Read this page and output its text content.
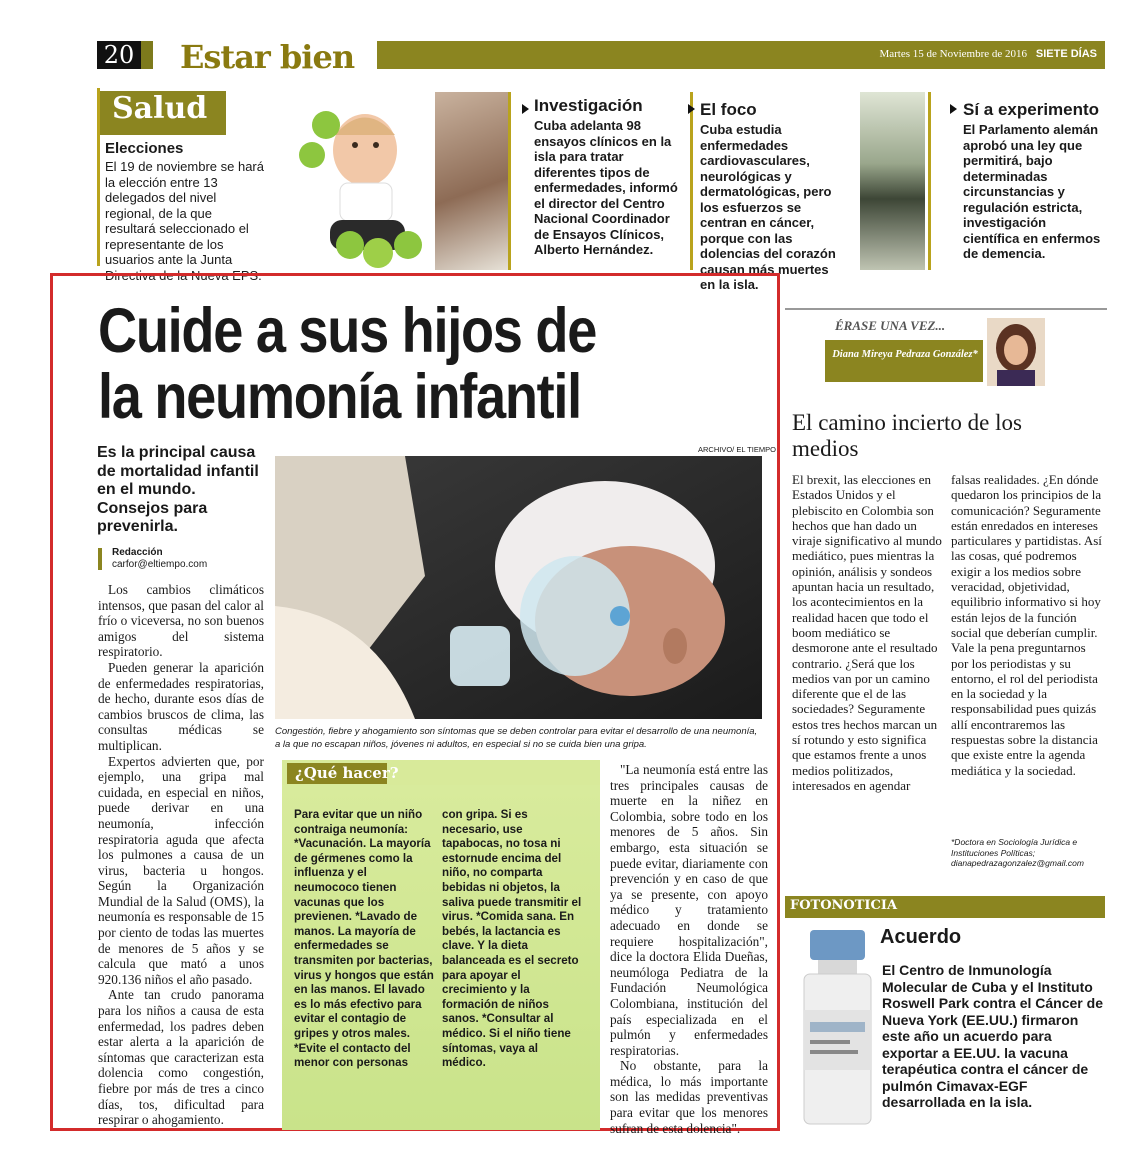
20 Estar bien	Martes 15 de Noviembre de 2016 SIETE DÍAS
Salud
Elecciones
El 19 de noviembre se hará la elección entre 13 delegados del nivel regional, de la que resultará seleccionado el representante de los usuarios ante la Junta Directiva de la Nueva EPS.
Investigación
Cuba adelanta 98 ensayos clínicos en la isla para tratar diferentes tipos de enfermedades, informó el director del Centro Nacional Coordinador de Ensayos Clínicos, Alberto Hernández.
El foco
Cuba estudia enfermedades cardiovasculares, neurológicas y dermatológicas, pero los esfuerzos se centran en cáncer, porque con las dolencias del corazón causan más muertes en la isla.
Sí a experimento
El Parlamento alemán aprobó una ley que permitirá, bajo determinadas circunstancias y regulación estricta, investigación científica en enfermos de demencia.
Cuide a sus hijos de
la neumonía infantil
Es la principal causa de mortalidad infantil en el mundo. Consejos para prevenirla.
Redacción
carfor@eltiempo.com
ARCHIVO/ EL TIEMPO
Congestión, fiebre y ahogamiento son síntomas que se deben controlar para evitar el desarrollo de una neumonía, a la que no escapan niños, jóvenes ni adultos, en especial si no se cuida bien una gripa.

Los cambios climáticos intensos, que pasan del calor al frío o viceversa, no son buenos amigos del sistema respiratorio.

Pueden generar la aparición de enfermedades respiratorias, de hecho, durante esos días de cambios bruscos de clima, las consultas médicas se multiplican.

Expertos advierten que, por ejemplo, una gripa mal cuidada, en especial en niños, puede derivar en una neumonía, infección respiratoria aguda que afecta los pulmones a causa de un virus, bacteria u hongos. Según la Organización Mundial de la Salud (OMS), la neumonía es responsable de 15 por ciento de todas las muertes de menores de 5 años y se calcula que mató a unos 920.136 niños el año pasado.

Ante tan crudo panorama para los niños a causa de esta enfermedad, los padres deben estar alerta a la aparición de síntomas que caracterizan esta dolencia como congestión, fiebre por más de tres a cinco días, tos, dificultad para respirar o ahogamiento.

¿Qué hacer?
Para evitar que un niño contraiga neumonía: *Vacunación. La mayoría de gérmenes como la influenza y el neumococo tienen vacunas que los previenen. *Lavado de manos. La mayoría de enfermedades se transmiten por bacterias, virus y hongos que están en las manos. El lavado es lo más efectivo para evitar el contagio de gripes y otros males. *Evite el contacto del menor con personas
con gripa. Si es necesario, use tapabocas, no tosa ni estornude encima del niño, no comparta bebidas ni objetos, la saliva puede transmitir el virus. *Comida sana. En bebés, la lactancia es clave. Y la dieta balanceada es el secreto para apoyar el crecimiento y la formación de niños sanos. *Consultar al médico. Si el niño tiene síntomas, vaya al médico.

"La neumonía está entre las tres principales causas de muerte en la niñez en Colombia, sobre todo en los menores de 5 años. Sin embargo, esta situación se puede evitar, diariamente con prevención y en caso de que ya se presente, con apoyo médico y tratamiento adecuado en donde se requiere hospitalización", dice la doctora Elida Dueñas, neumóloga Pediatra de la Fundación Neumológica Colombiana, institución del país especializada en el pulmón y enfermedades respiratorias.

No obstante, para la médica, lo más importante son las medidas preventivas para evitar que los menores sufran de esta dolencia".

ÉRASE UNA VEZ...
Diana Mireya Pedraza González*
El camino incierto de los medios
El brexit, las elecciones en Estados Unidos y el plebiscito en Colombia son hechos que han dado un viraje significativo al mundo mediático, pues mientras la opinión, análisis y sondeos apuntan hacia un resultado, los acontecimientos en la realidad hacen que todo el boom mediático se desmorone ante el resultado contrario. ¿Será que los medios van por un camino diferente que el de las sociedades? Seguramente estos tres hechos marcan un sí rotundo y esto significa que estamos frente a unos medios politizados, interesados en agendar
falsas realidades. ¿En dónde quedaron los principios de la comunicación? Seguramente están enredados en intereses particulares y partidistas. Así las cosas, qué podremos exigir a los medios sobre veracidad, objetividad, equilibrio informativo si hoy están lejos de la función social que deberían cumplir. Vale la pena preguntarnos por los periodistas y su entorno, el rol del periodista en la sociedad y la responsabilidad pues quizás allí encontraremos las respuestas sobre la distancia que existe entre la agenda mediática y la sociedad.
*Doctora en Sociología Jurídica e Instituciones Políticas; dianapedrazagonzalez@gmail.com
FOTONOTICIA
Acuerdo
El Centro de Inmunología Molecular de Cuba y el Instituto Roswell Park contra el Cáncer de Nueva York (EE.UU.) firmaron este año un acuerdo para exportar a EE.UU. la vacuna terapéutica contra el cáncer de pulmón Cimavax-EGF desarrollada en la isla.
